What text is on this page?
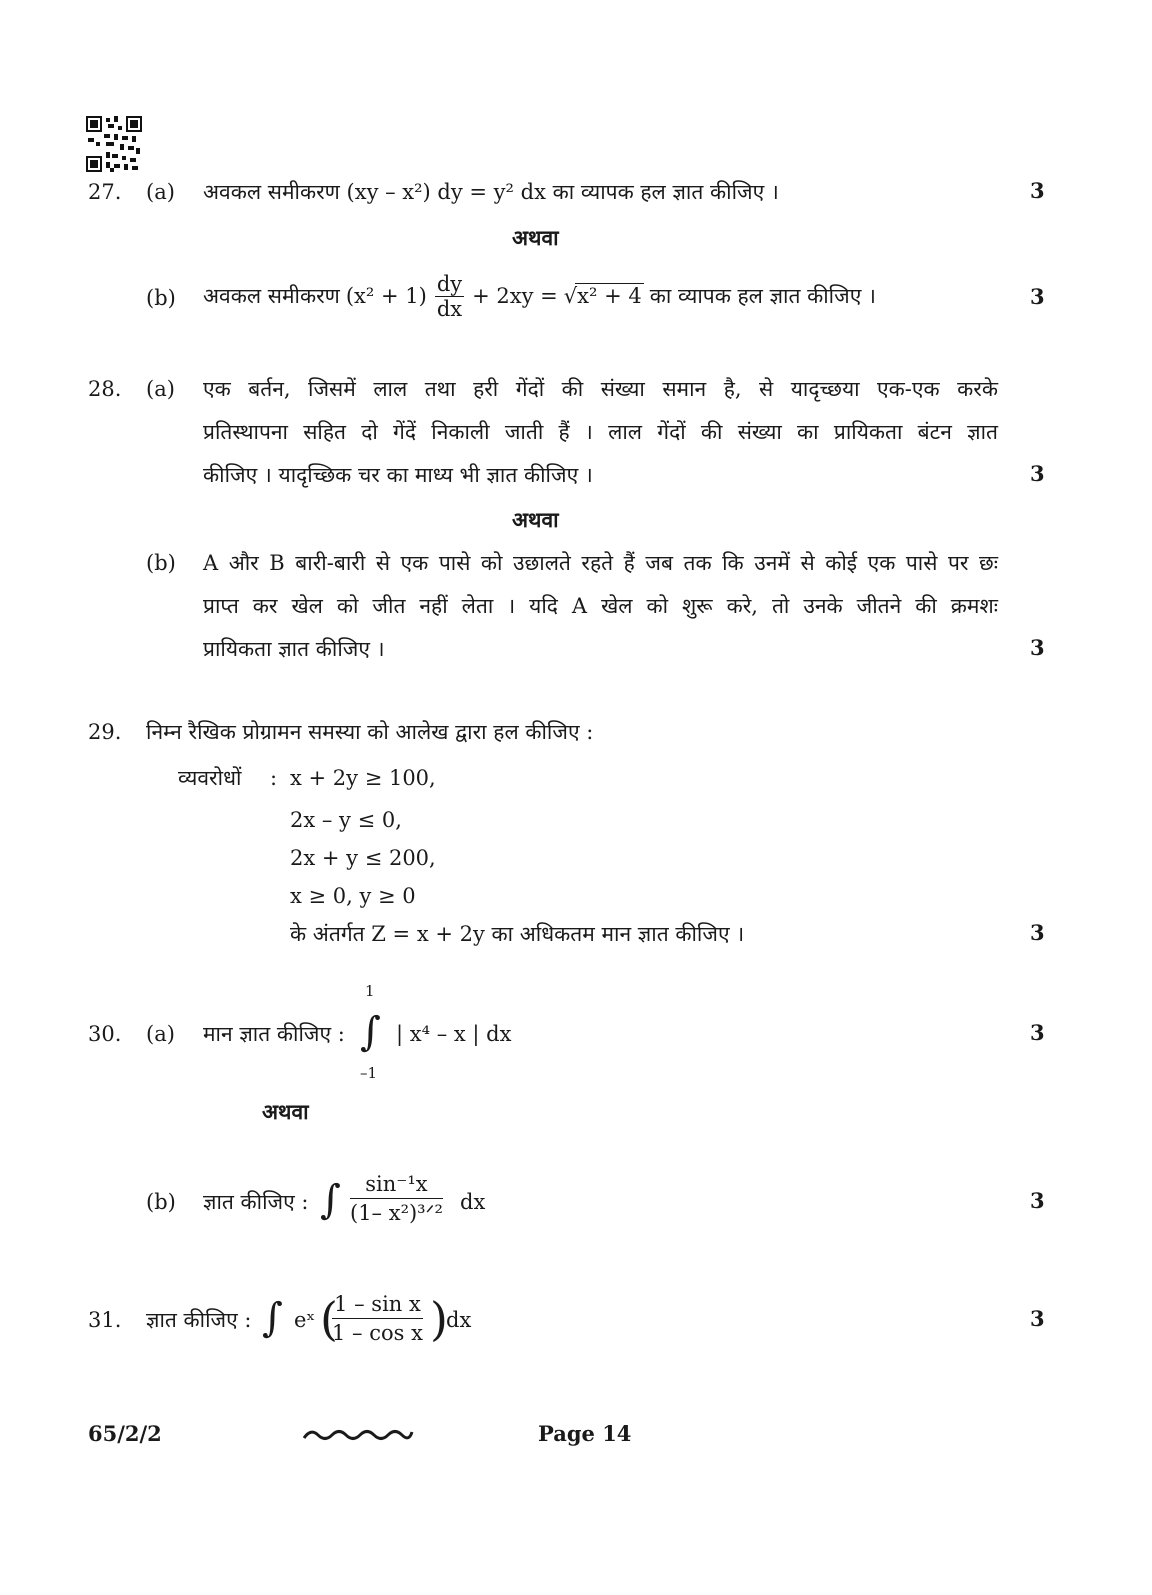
27. (a) अवकल समीकरण (xy – x²) dy = y² dx का व्यापक हल ज्ञात कीजिए ।	3
अथवा
(b) अवकल समीकरण $(x^2 + 1) \frac{dy}{dx} + 2xy = √x^2 + 4$ का व्यापक हल ज्ञात कीजिए ।	3
28. (a) एक बर्तन, जिसमें लाल तथा हरी गेंदों की संख्या समान है, से यादृच्छया एक-एक करके
प्रतिस्थापना सहित दो गेंदें निकाली जाती हैं । लाल गेंदों की संख्या का प्रायिकता बंटन ज्ञात
कीजिए । यादृच्छिक चर का माध्य भी ज्ञात कीजिए ।	3
अथवा
(b) A और B बारी-बारी से एक पासे को उछालते रहते हैं जब तक कि उनमें से कोई एक पासे पर छः
प्राप्त कर खेल को जीत नहीं लेता । यदि A खेल को शुरू करे, तो उनके जीतने की क्रमशः
प्रायिकता ज्ञात कीजिए ।	3
29. निम्न रैखिक प्रोग्रामन समस्या को आलेख द्वारा हल कीजिए :
व्यवरोधों : x + 2y ≥ 100,
2x – y ≤ 0,
2x + y ≤ 200,
x ≥ 0, y ≥ 0
के अंतर्गत Z = x + 2y का अधिकतम मान ज्ञात कीजिए ।	3
30. (a) मान ज्ञात कीजिए :
1
∫
–1
| x⁴ – x | dx	3
अथवा
(b) ज्ञात कीजिए : ∫	sin⁻¹x
(1– x²)³ᐟ² dx	3
31. ज्ञात कीजिए : ∫ eˣ (
$\frac{\text{1 – sin x}}{\text{1 – cos x}}$ )
dx	3
65/2/2	Page 14
